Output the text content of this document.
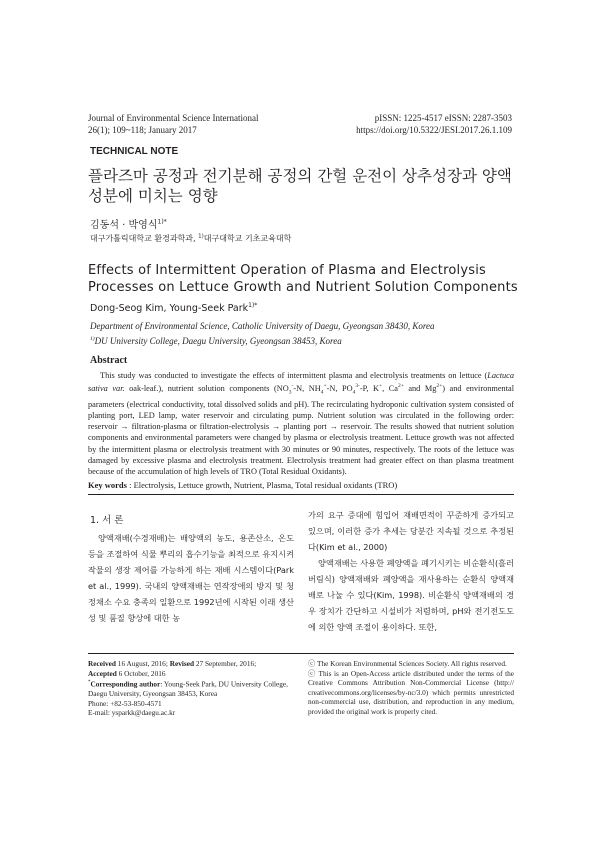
Journal of Environmental Science International
26(1); 109~118; January 2017
pISSN: 1225-4517 eISSN: 2287-3503
https://doi.org/10.5322/JESI.2017.26.1.109
TECHNICAL NOTE
플라즈마 공정과 전기분해 공정의 간헐 운전이 상추성장과 양액 성분에 미치는 영향
김동석 · 박영식$^{1)*}$
대구가톨릭대학교 환경과학과, $^{1)}$대구대학교 기초교육대학
Effects of Intermittent Operation of Plasma and Electrolysis Processes on Lettuce Growth and Nutrient Solution Components
Dong-Seog Kim, Young-Seek Park$^{1)*}$
Department of Environmental Science, Catholic University of Daegu, Gyeongsan 38430, Korea
$^{1)}$DU University College, Daegu University, Gyeongsan 38453, Korea
Abstract
This study was conducted to investigate the effects of intermittent plasma and electrolysis treatments on lettuce (Lactuca sativa var. oak-leaf.), nutrient solution components ($NO_3^--N$, $NH_4^+-N$, $PO_4^{3-}-P$, K+, $Ca^{2+}$ and $Mg^{2+}$) and environmental parameters (electrical conductivity, total dissolved solids and pH). The recirculating hydroponic cultivation system consisted of planting port, LED lamp, water reservoir and circulating pump. Nutrient solution was circulated in the following order: reservoir → filtration-plasma or filtration-electrolysis → planting port → reservoir. The results showed that nutrient solution components and environmental parameters were changed by plasma or electrolysis treatment. Lettuce growth was not affected by the intermittent plasma or electrolysis treatment with 30 minutes or 90 minutes, respectively. The roots of the lettuce was damaged by excessive plasma and electrolysis treatment. Electrolysis treatment had greater effect on than plasma treatment because of the accumulation of high levels of TRO (Total Residual Oxidants).
Key words : Electrolysis, Lettuce growth, Nutrient, Plasma, Total residual oxidants (TRO)
1. 서 론
양액재배(수경재배)는 배양액의 농도, 용존산소, 온도 등을 조절하여 식물 뿌리의 흡수기능을 최적으로 유지시켜 작물의 생장 제어를 가능하게 하는 재배 시스템이다(Park et al., 1999). 국내의 양액재배는 연작장애의 방지 및 청정채소 수요 충족의 일환으로 1992년에 시작된 이래 생산성 및 품질 향상에 대한 농

가의 요구 증대에 힘입어 재배면적이 꾸준하게 증가되고 있으며, 이러한 증가 추세는 당분간 지속될 것으로 추정된다(Kim et al., 2000)

양액재배는 사용한 폐양액을 폐기시키는 비순환식(흘러버림식) 양액재배와 폐양액을 재사용하는 순환식 양액재배로 나눌 수 있다(Kim, 1998). 비순환식 양액재배의 경우 장치가 간단하고 시설비가 저렴하며, pH와 전기전도도에 의한 양액 조절이 용이하다. 또한,

Received 16 August, 2016; Revised 27 September, 2016;
Accepted 6 October, 2016
*Corresponding author: Young-Seek Park, DU University College, Daegu University, Gyeongsan 38453, Korea
Phone: +82-53-850-4571
E-mail: ysparkk@daegu.ac.kr
ⓒ The Korean Environmental Sciences Society. All rights reserved.
ⓒ This is an Open-Access article distributed under the terms of the Creative Commons Attribution Non-Commercial License (http:// creativecommons.org/licenses/by-nc/3.0) which permits unrestricted non-commercial use, distribution, and reproduction in any medium, provided the original work is properly cited.
